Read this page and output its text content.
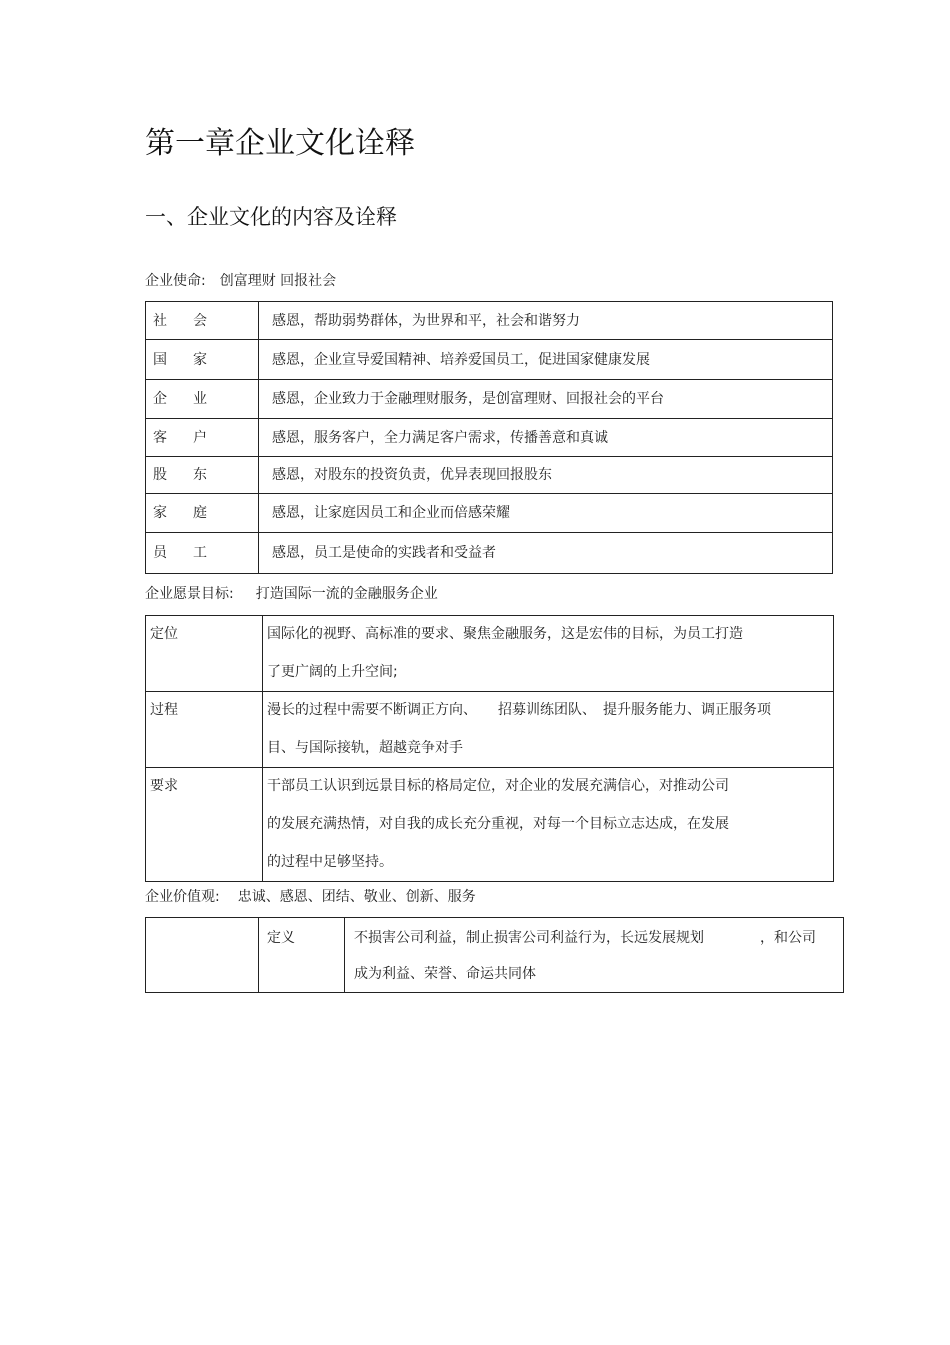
第一章企业文化诠释
一、企业文化的内容及诠释
企业使命: 创富理财 回报社会
社 会	感恩，帮助弱势群体，为世界和平，社会和谐努力

国 家	感恩，企业宣导爱国精神、培养爱国员工，促进国家健康发展

企 业	感恩，企业致力于金融理财服务，是创富理财、回报社会的平台

客 户	感恩，服务客户，全力满足客户需求，传播善意和真诚

股 东	感恩，对股东的投资负责，优异表现回报股东

家 庭	感恩，让家庭因员工和企业而倍感荣耀

员 工	感恩，员工是使命的实践者和受益者
企业愿景目标: 打造国际一流的金融服务企业
定位	国际化的视野、高标准的要求、聚焦金融服务，这是宏伟的目标，为员工打造

了更广阔的上升空间;

过程	漫长的过程中需要不断调正方向、　　招募训练团队、　提升服务能力、调正服务项

目、与国际接轨，超越竞争对手

要求	干部员工认识到远景目标的格局定位，对企业的发展充满信心，对推动公司

的发展充满热情，对自我的成长充分重视，对每一个目标立志达成，在发展

的过程中足够坚持。

企业价值观: 忠诚、感恩、团结、敬业、创新、服务
	定义	不损害公司利益，制止损害公司利益行为，长远发展规划　　　　，和公司
成为利益、荣誉、命运共同体
